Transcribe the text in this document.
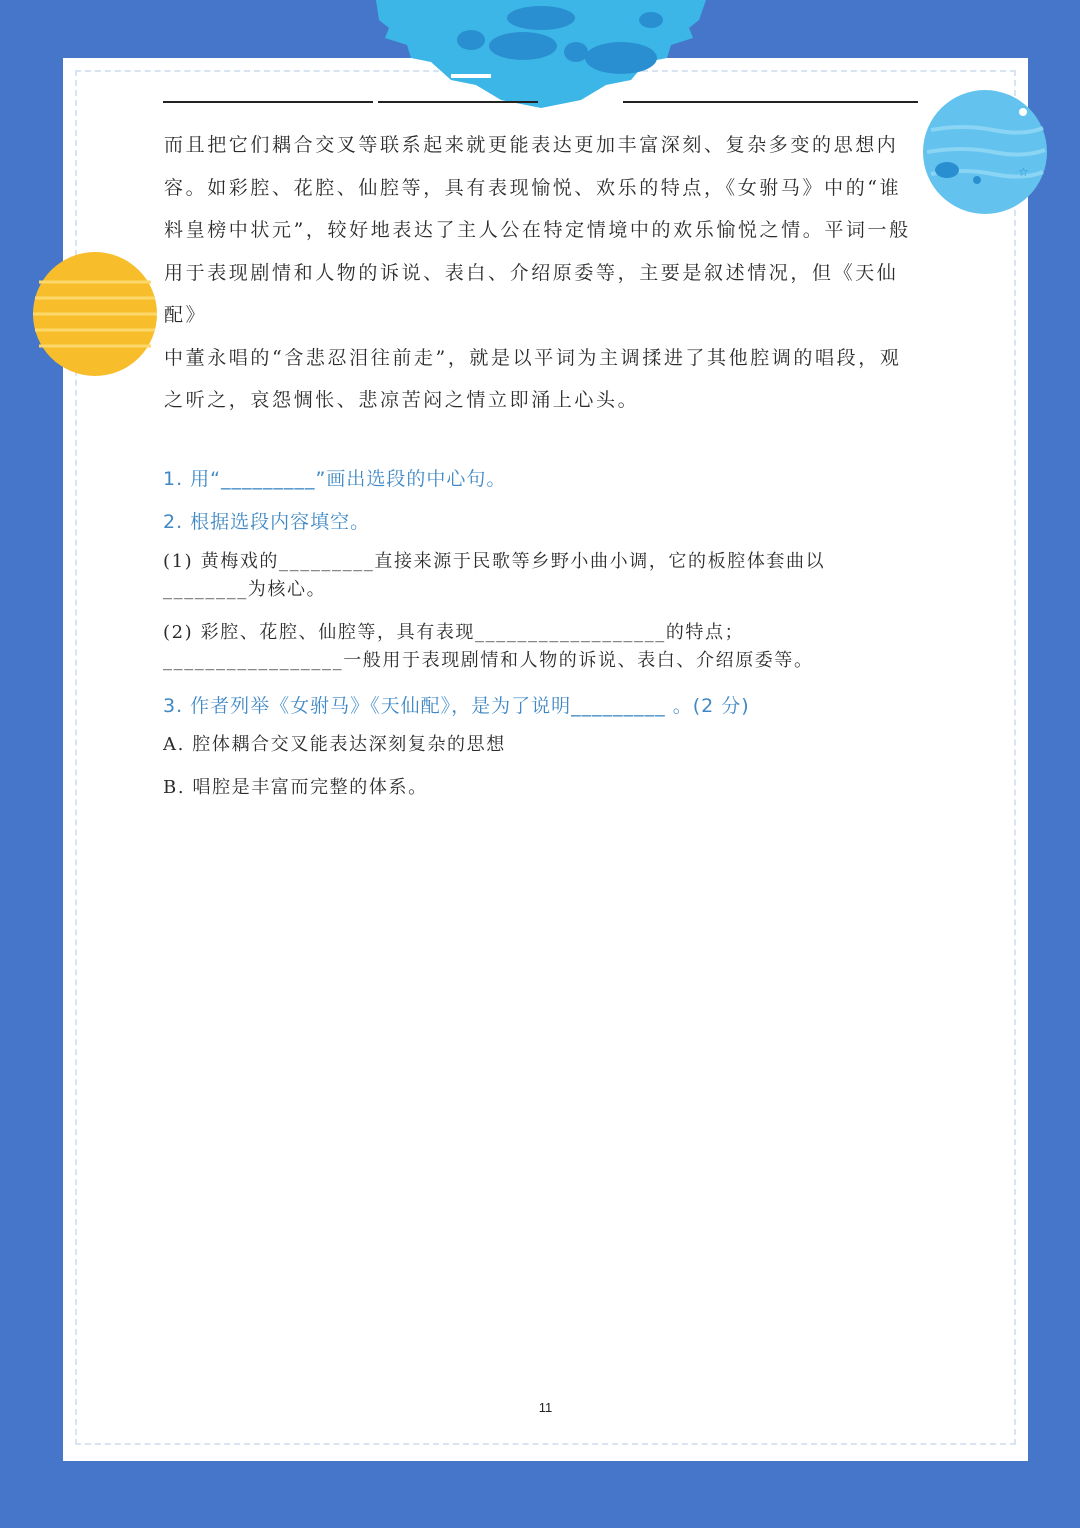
☆

而且把它们耦合交叉等联系起来就更能表达更加丰富深刻、复杂多变的思想内

容。如彩腔、花腔、仙腔等，具有表现愉悦、欢乐的特点，《女驸马》中的“谁

料皇榜中状元”，较好地表达了主人公在特定情境中的欢乐愉悦之情。平词一般

用于表现剧情和人物的诉说、表白、介绍原委等，主要是叙述情况，但《天仙配》

中董永唱的“含悲忍泪往前走”，就是以平词为主调揉进了其他腔调的唱段，观

之听之，哀怨惆怅、悲凉苦闷之情立即涌上心头。

1. 用“_________”画出选段的中心句。
2. 根据选段内容填空。
(1) 黄梅戏的_________直接来源于民歌等乡野小曲小调，它的板腔体套曲以
________为核心。
(2) 彩腔、花腔、仙腔等，具有表现__________________的特点；
_________________一般用于表现剧情和人物的诉说、表白、介绍原委等。
3. 作者列举《女驸马》《天仙配》，是为了说明_________ 。(2 分)
A. 腔体耦合交叉能表达深刻复杂的思想
B. 唱腔是丰富而完整的体系。
11
